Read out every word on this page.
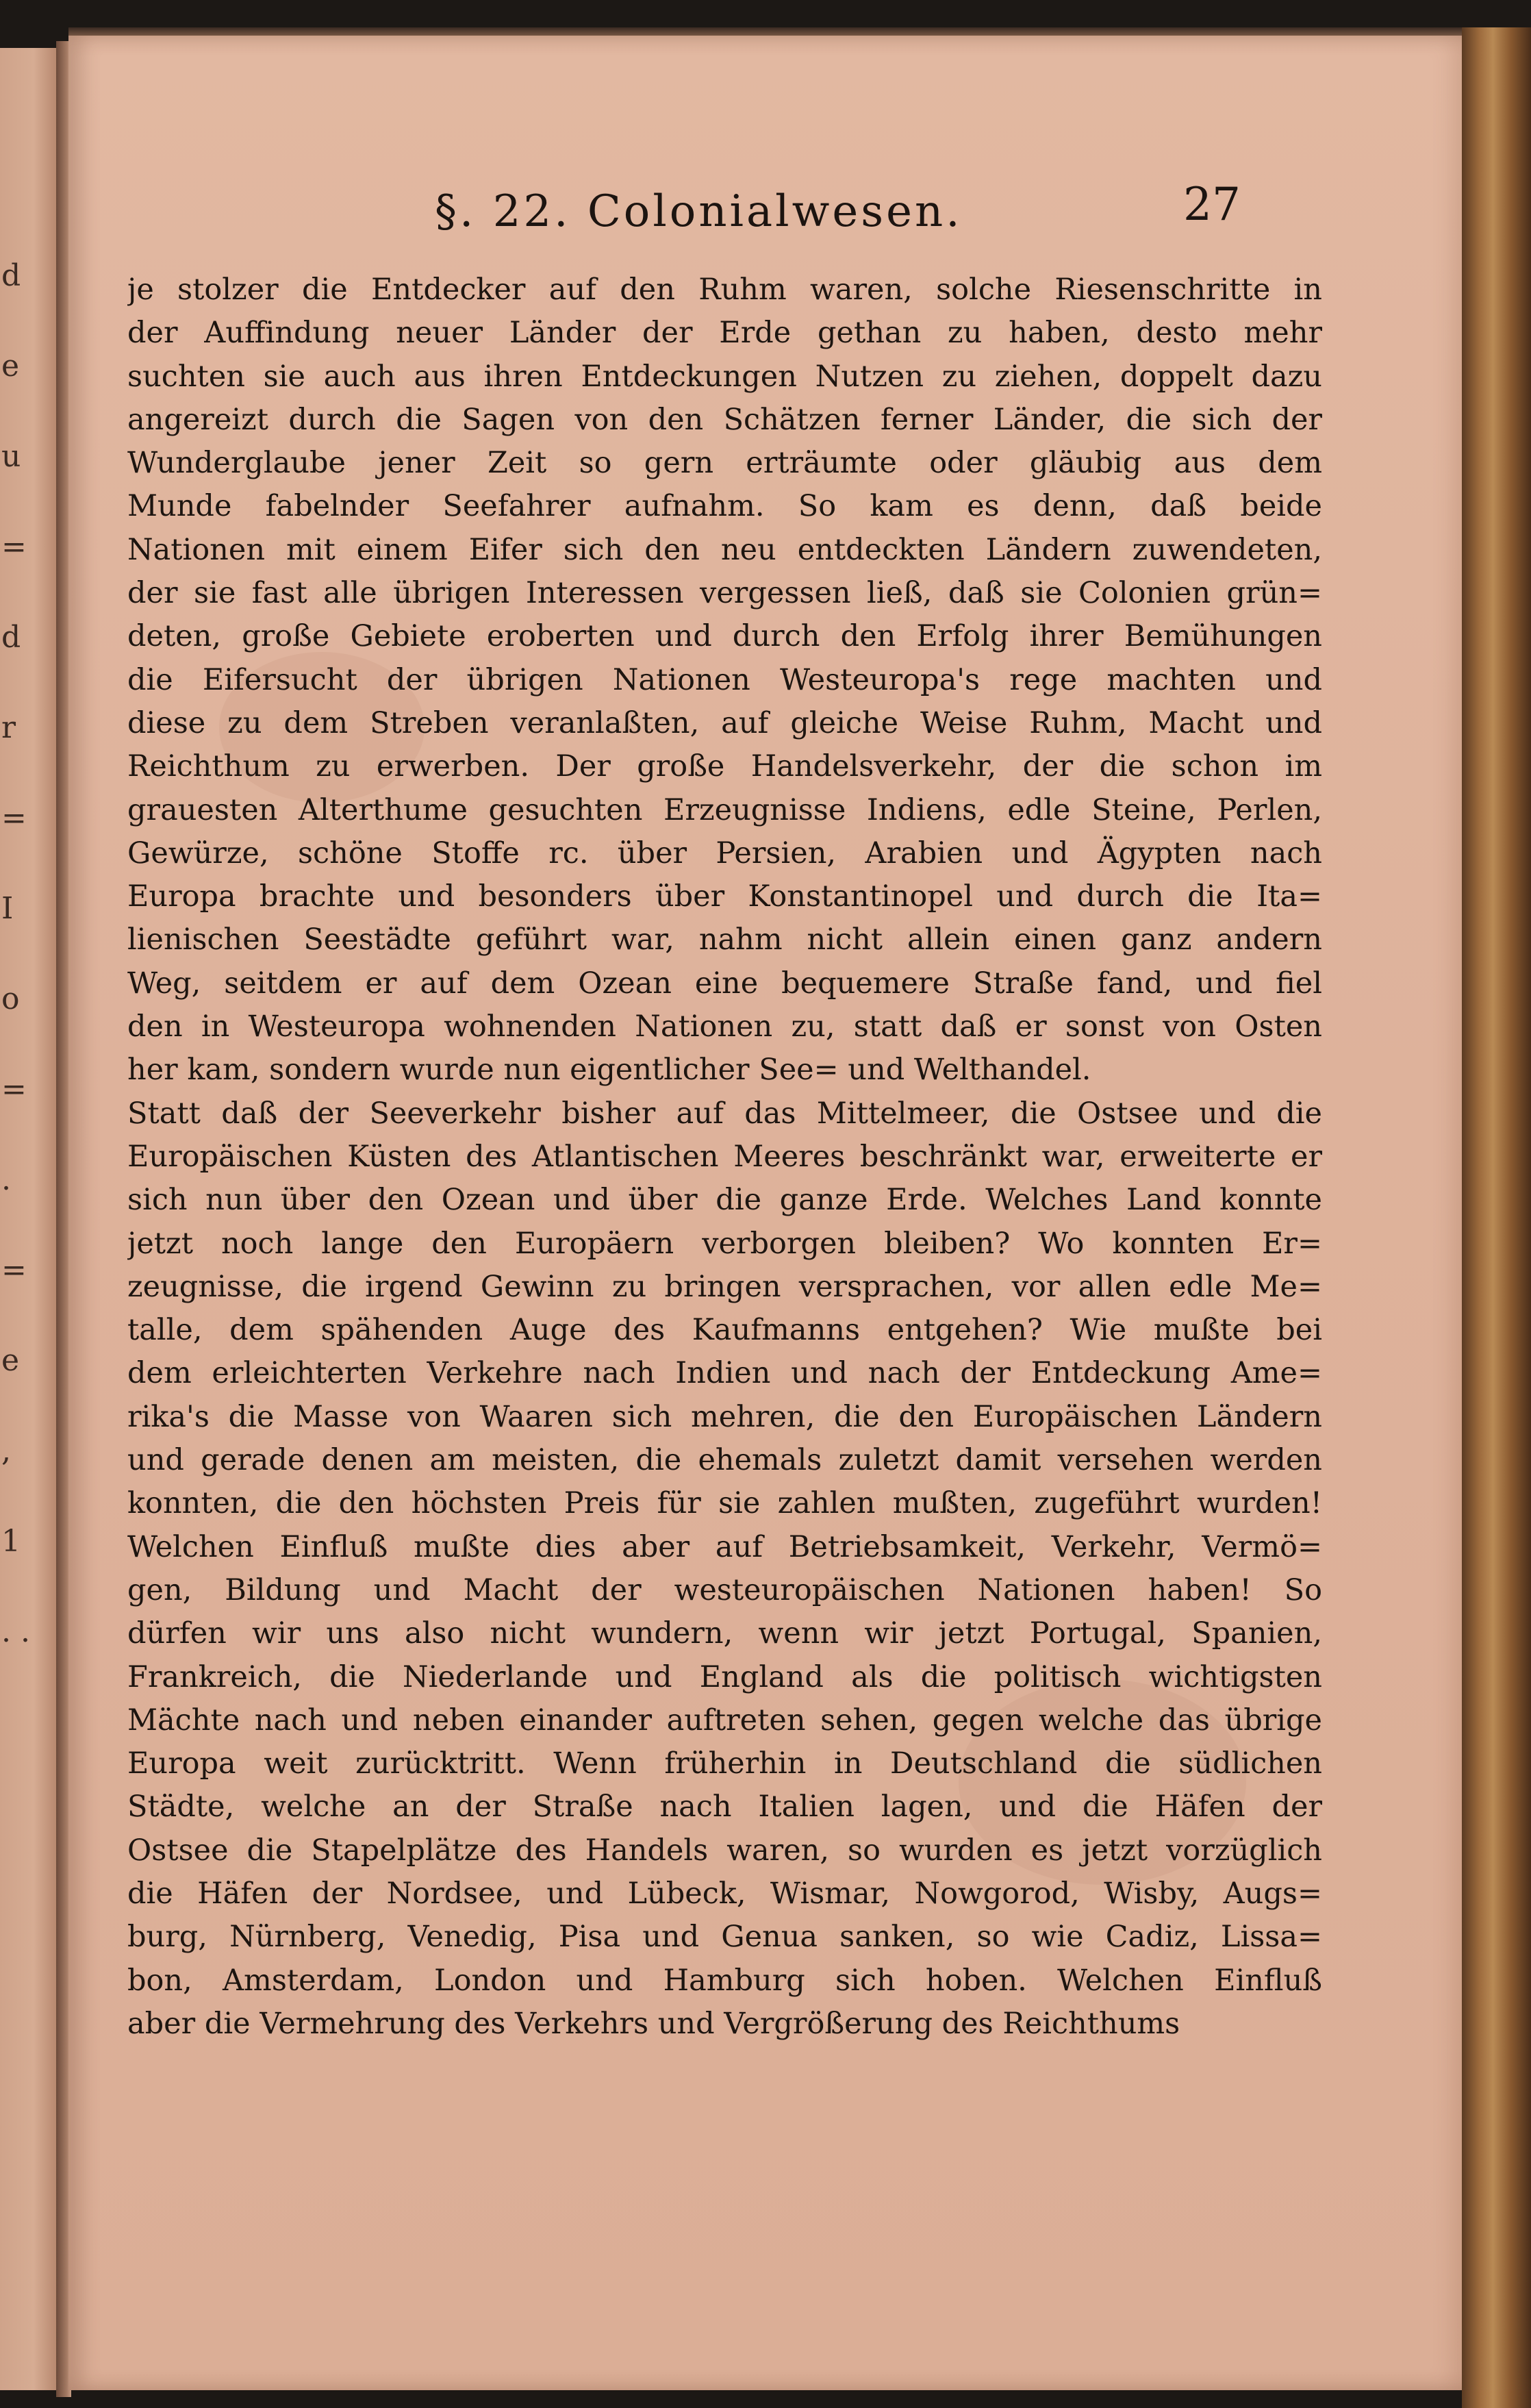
d
e
u
=
d
r
=
I
o
=
.
=
e
,
1
. .
§. 22. Colonialwesen.	27
je stolzer die Entdecker auf den Ruhm waren, solche Riesenschritte in
der Auffindung neuer Länder der Erde gethan zu haben, desto mehr
suchten sie auch aus ihren Entdeckungen Nutzen zu ziehen, doppelt dazu
angereizt durch die Sagen von den Schätzen ferner Länder, die sich der
Wunderglaube jener Zeit so gern erträumte oder gläubig aus dem
Munde fabelnder Seefahrer aufnahm. So kam es denn, daß beide
Nationen mit einem Eifer sich den neu entdeckten Ländern zuwendeten,
der sie fast alle übrigen Interessen vergessen ließ, daß sie Colonien grün=
deten, große Gebiete eroberten und durch den Erfolg ihrer Bemühungen
die Eifersucht der übrigen Nationen Westeuropa's rege machten und
diese zu dem Streben veranlaßten, auf gleiche Weise Ruhm, Macht und
Reichthum zu erwerben. Der große Handelsverkehr, der die schon im
grauesten Alterthume gesuchten Erzeugnisse Indiens, edle Steine, Perlen,
Gewürze, schöne Stoffe rc. über Persien, Arabien und Ägypten nach
Europa brachte und besonders über Konstantinopel und durch die Ita=
lienischen Seestädte geführt war, nahm nicht allein einen ganz andern
Weg, seitdem er auf dem Ozean eine bequemere Straße fand, und fiel
den in Westeuropa wohnenden Nationen zu, statt daß er sonst von Osten
her kam, sondern wurde nun eigentlicher See= und Welthandel.
Statt daß der Seeverkehr bisher auf das Mittelmeer, die Ostsee und die
Europäischen Küsten des Atlantischen Meeres beschränkt war, erweiterte er
sich nun über den Ozean und über die ganze Erde. Welches Land konnte
jetzt noch lange den Europäern verborgen bleiben? Wo konnten Er=
zeugnisse, die irgend Gewinn zu bringen versprachen, vor allen edle Me=
talle, dem spähenden Auge des Kaufmanns entgehen? Wie mußte bei
dem erleichterten Verkehre nach Indien und nach der Entdeckung Ame=
rika's die Masse von Waaren sich mehren, die den Europäischen Ländern
und gerade denen am meisten, die ehemals zuletzt damit versehen werden
konnten, die den höchsten Preis für sie zahlen mußten, zugeführt wurden!
Welchen Einfluß mußte dies aber auf Betriebsamkeit, Verkehr, Vermö=
gen, Bildung und Macht der westeuropäischen Nationen haben! So
dürfen wir uns also nicht wundern, wenn wir jetzt Portugal, Spanien,
Frankreich, die Niederlande und England als die politisch wichtigsten
Mächte nach und neben einander auftreten sehen, gegen welche das übrige
Europa weit zurücktritt. Wenn früherhin in Deutschland die südlichen
Städte, welche an der Straße nach Italien lagen, und die Häfen der
Ostsee die Stapelplätze des Handels waren, so wurden es jetzt vorzüglich
die Häfen der Nordsee, und Lübeck, Wismar, Nowgorod, Wisby, Augs=
burg, Nürnberg, Venedig, Pisa und Genua sanken, so wie Cadiz, Lissa=
bon, Amsterdam, London und Hamburg sich hoben. Welchen Einfluß
aber die Vermehrung des Verkehrs und Vergrößerung des Reichthums
